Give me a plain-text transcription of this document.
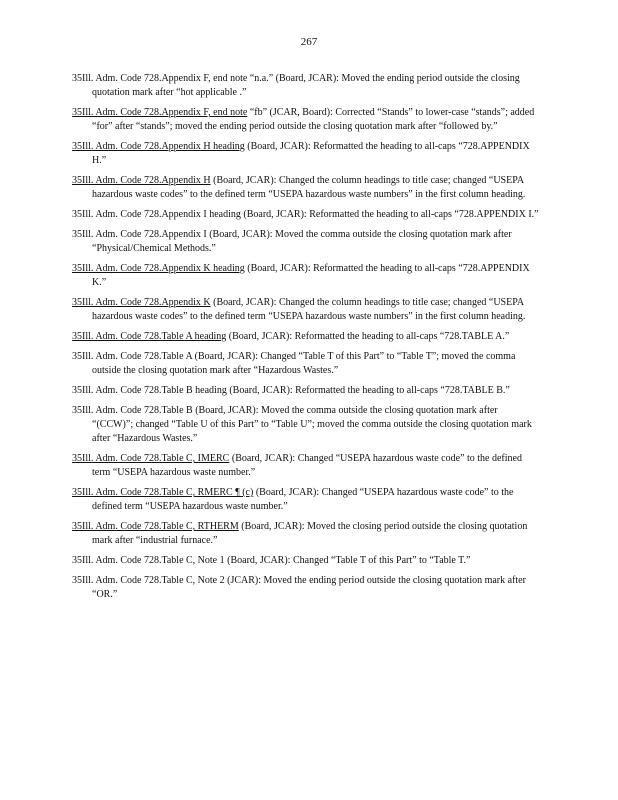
267

35Ill. Adm. Code 728.Appendix F, end note “n.a.” (Board, JCAR): Moved the ending period outside the closing quotation mark after “hot applicable .”

35Ill. Adm. Code 728.Appendix F, end note “fb” (JCAR, Board): Corrected “Stands” to lower-case “stands”; added “for” after “stands”; moved the ending period outside the closing quotation mark after “followed by.”

35Ill. Adm. Code 728.Appendix H heading (Board, JCAR): Reformatted the heading to all-caps “728.APPENDIX H.”

35Ill. Adm. Code 728.Appendix H (Board, JCAR): Changed the column headings to title case; changed “USEPA hazardous waste codes” to the defined term “USEPA hazardous waste numbers” in the first column heading.

35Ill. Adm. Code 728.Appendix I heading (Board, JCAR): Reformatted the heading to all-caps “728.APPENDIX I.”

35Ill. Adm. Code 728.Appendix I (Board, JCAR): Moved the comma outside the closing quotation mark after “Physical/Chemical Methods.”

35Ill. Adm. Code 728.Appendix K heading (Board, JCAR): Reformatted the heading to all-caps “728.APPENDIX K.”

35Ill. Adm. Code 728.Appendix K (Board, JCAR): Changed the column headings to title case; changed “USEPA hazardous waste codes” to the defined term “USEPA hazardous waste numbers” in the first column heading.

35Ill. Adm. Code 728.Table A heading (Board, JCAR): Reformatted the heading to all-caps “728.TABLE A.”

35Ill. Adm. Code 728.Table A (Board, JCAR): Changed “Table T of this Part” to “Table T”; moved the comma outside the closing quotation mark after “Hazardous Wastes.”

35Ill. Adm. Code 728.Table B heading (Board, JCAR): Reformatted the heading to all-caps “728.TABLE B.”

35Ill. Adm. Code 728.Table B (Board, JCAR): Moved the comma outside the closing quotation mark after “(CCW)”; changed “Table U of this Part” to “Table U”; moved the comma outside the closing quotation mark after “Hazardous Wastes.”

35Ill. Adm. Code 728.Table C, IMERC (Board, JCAR): Changed “USEPA hazardous waste code” to the defined term “USEPA hazardous waste number.”

35Ill. Adm. Code 728.Table C, RMERC ¶ (c) (Board, JCAR): Changed “USEPA hazardous waste code” to the defined term “USEPA hazardous waste number.”

35Ill. Adm. Code 728.Table C, RTHERM (Board, JCAR): Moved the closing period outside the closing quotation mark after “industrial furnace.”

35Ill. Adm. Code 728.Table C, Note 1 (Board, JCAR): Changed “Table T of this Part” to “Table T.”

35Ill. Adm. Code 728.Table C, Note 2 (JCAR): Moved the ending period outside the closing quotation mark after “OR.”
